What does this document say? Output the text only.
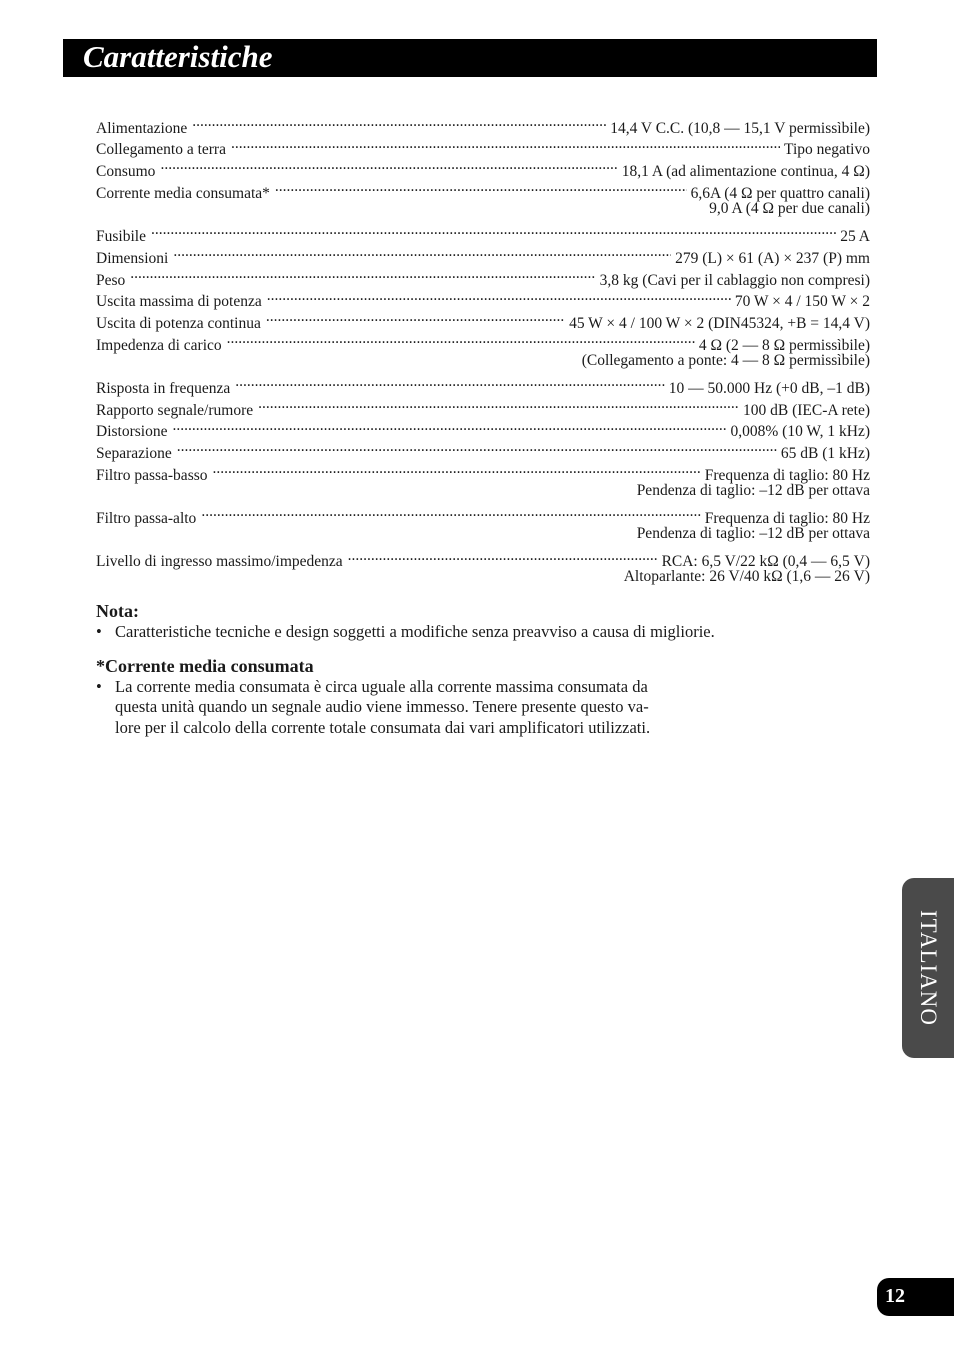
Caratteristiche
Alimentazione .....	14,4 V C.C. (10,8 — 15,1 V permissìbile)
Collegamento a terra .....	Tipo negativo
Consumo .....	18,1 A (ad alimentazione continua, 4 Ω)
Corrente media consumata* .....	6,6A (4 Ω per quattro canali)
9,0 A (4 Ω per due canali)
Fusibile .....	25 A
Dimensioni .....	279 (L) × 61 (A) × 237 (P) mm
Peso .....	3,8 kg (Cavi per il cablaggio non compresi)
Uscita massima di potenza .....	70 W × 4 / 150 W × 2
Uscita di potenza continua .....	45 W × 4 / 100 W × 2 (DIN45324, +B = 14,4 V)
Impedenza di carico .....	4 Ω (2 — 8 Ω permissìbile)
(Collegamento a ponte: 4 — 8 Ω permissìbile)
Risposta in frequenza .....	10 — 50.000 Hz (+0 dB, –1 dB)
Rapporto segnale/rumore .....	100 dB (IEC-A rete)
Distorsione .....	0,008% (10 W, 1 kHz)
Separazione .....	65 dB (1 kHz)
Filtro passa-basso .....	Frequenza di taglio: 80 Hz
Pendenza di taglio: –12 dB per ottava
Filtro passa-alto .....	Frequenza di taglio: 80 Hz
Pendenza di taglio: –12 dB per ottava
Livello di ingresso massimo/impedenza .....	RCA: 6,5 V/22 kΩ (0,4 — 6,5 V)
Altoparlante: 26 V/40 kΩ (1,6 — 26 V)
Nota:
• Caratteristiche tecniche e design soggetti a modifiche senza preavviso a causa di migliorie.
*Corrente media consumata
• La corrente media consumata è circa uguale alla corrente massima consumata da
questa unità quando un segnale audio viene immesso. Tenere presente questo va-
lore per il calcolo della corrente totale consumata dai vari amplificatori utilizzati.
ITALIANO
12
